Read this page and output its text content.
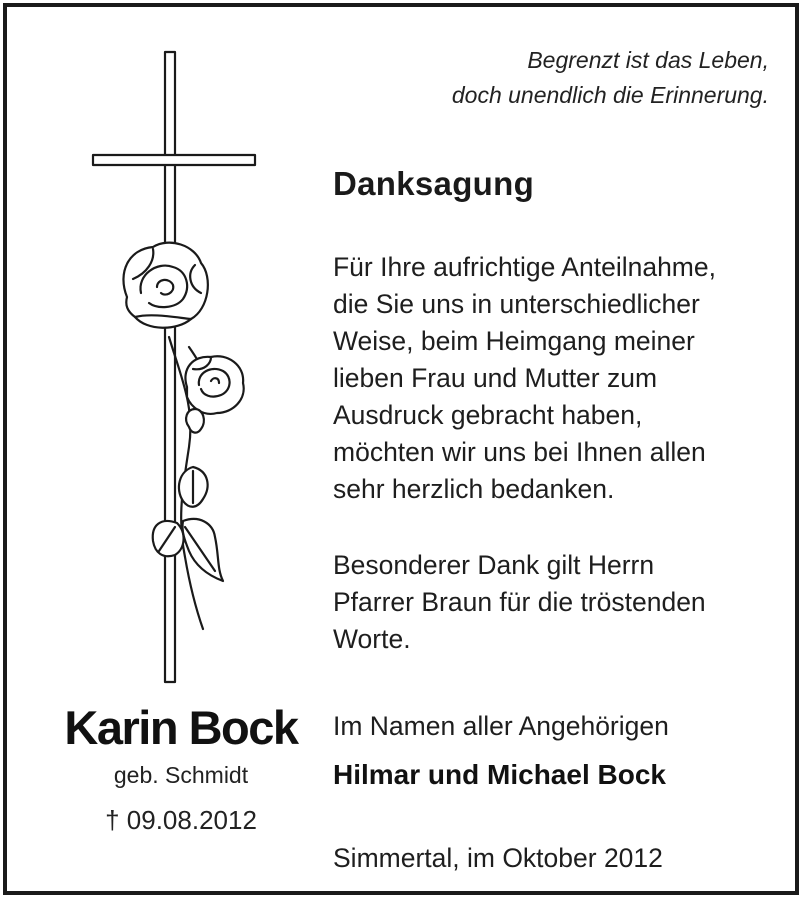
Begrenzt ist das Leben,
doch unendlich die Erinnerung.
Danksagung
Für Ihre aufrichtige Anteilnahme,
die Sie uns in unterschiedlicher
Weise, beim Heimgang meiner
lieben Frau und Mutter zum
Ausdruck gebracht haben,
möchten wir uns bei Ihnen allen
sehr herzlich bedanken.
Besonderer Dank gilt Herrn
Pfarrer Braun für die tröstenden
Worte.
Karin Bock
geb. Schmidt
† 09.08.2012
Im Namen aller Angehörigen
Hilmar und Michael Bock
Simmertal, im Oktober 2012
